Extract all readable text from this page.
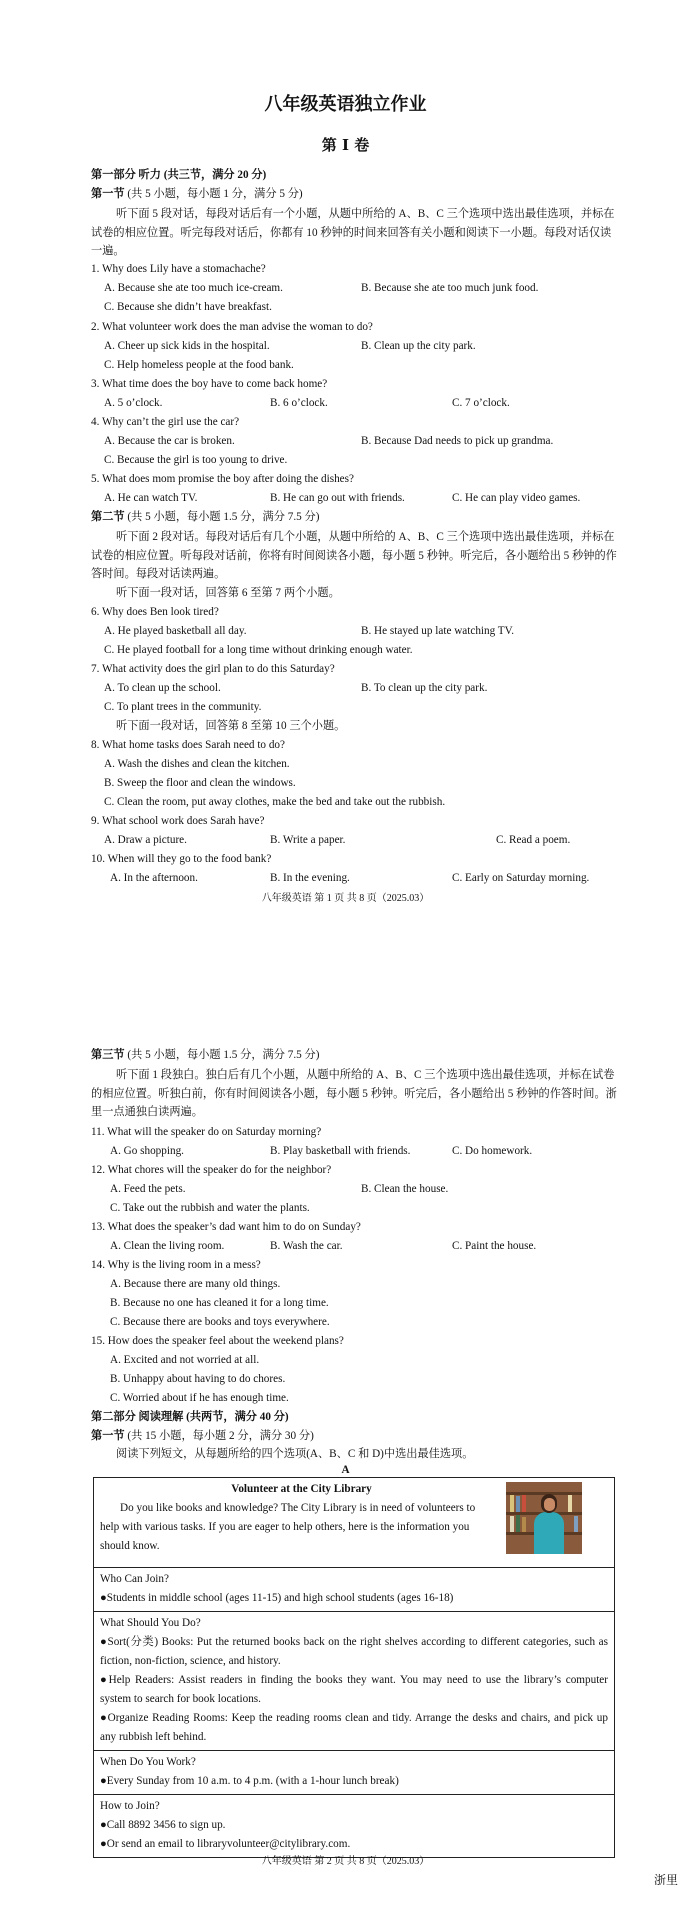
八年级英语独立作业
第 I 卷
第一部分 听力 (共三节，满分 20 分)
第一节 (共 5 小题，每小题 1 分，满分 5 分)
听下面 5 段对话，每段对话后有一个小题，从题中所给的 A、B、C 三个选项中选出最佳选项，并标在试卷的相应位置。听完每段对话后，你都有 10 秒钟的时间来回答有关小题和阅读下一小题。每段对话仅读一遍。
1. Why does Lily have a stomachache?
A. Because she ate too much ice-cream.	B. Because she ate too much junk food.
C. Because she didn’t have breakfast.
2. What volunteer work does the man advise the woman to do?
A. Cheer up sick kids in the hospital.	B. Clean up the city park.
C. Help homeless people at the food bank.
3. What time does the boy have to come back home?
A. 5 o’clock.	B. 6 o’clock.	C. 7 o’clock.
4. Why can’t the girl use the car?
A. Because the car is broken.	B. Because Dad needs to pick up grandma.
C. Because the girl is too young to drive.
5. What does mom promise the boy after doing the dishes?
A. He can watch TV.	B. He can go out with friends.	C. He can play video games.
第二节 (共 5 小题，每小题 1.5 分，满分 7.5 分)
听下面 2 段对话。每段对话后有几个小题，从题中所给的 A、B、C 三个选项中选出最佳选项，并标在试卷的相应位置。听每段对话前，你将有时间阅读各小题，每小题 5 秒钟。听完后，各小题给出 5 秒钟的作答时间。每段对话读两遍。
听下面一段对话，回答第 6 至第 7 两个小题。
6. Why does Ben look tired?
A. He played basketball all day.	B. He stayed up late watching TV.
C. He played football for a long time without drinking enough water.
7. What activity does the girl plan to do this Saturday?
A. To clean up the school.	B. To clean up the city park.
C. To plant trees in the community.
听下面一段对话，回答第 8 至第 10 三个小题。
8. What home tasks does Sarah need to do?
A. Wash the dishes and clean the kitchen.
B. Sweep the floor and clean the windows.
C. Clean the room, put away clothes, make the bed and take out the rubbish.
9. What school work does Sarah have?
A. Draw a picture.	B. Write a paper.	C. Read a poem.
10. When will they go to the food bank?
A. In the afternoon.	B. In the evening.	C. Early on Saturday morning.
八年级英语 第 1 页 共 8 页（2025.03）
第三节 (共 5 小题，每小题 1.5 分，满分 7.5 分)
听下面 1 段独白。独白后有几个小题，从题中所给的 A、B、C 三个选项中选出最佳选项，并标在试卷的相应位置。听独白前，你有时间阅读各小题，每小题 5 秒钟。听完后，各小题给出 5 秒钟的作答时间。浙里一点通独白读两遍。
11. What will the speaker do on Saturday morning?
A. Go shopping.	B. Play basketball with friends.	C. Do homework.
12. What chores will the speaker do for the neighbor?
A. Feed the pets.	B. Clean the house.
C. Take out the rubbish and water the plants.
13. What does the speaker’s dad want him to do on Sunday?
A. Clean the living room.	B. Wash the car.	C. Paint the house.
14. Why is the living room in a mess?
A. Because there are many old things.
B. Because no one has cleaned it for a long time.
C. Because there are books and toys everywhere.
15. How does the speaker feel about the weekend plans?
A. Excited and not worried at all.
B. Unhappy about having to do chores.
C. Worried about if he has enough time.
第二部分 阅读理解 (共两节，满分 40 分)
第一节 (共 15 小题，每小题 2 分，满分 30 分)
阅读下列短文，从每题所给的四个选项(A、B、C 和 D)中选出最佳选项。
A
Volunteer at the City Library
Do you like books and knowledge? The City Library is in need of volunteers to help with various tasks. If you are eager to help others, here is the information you should know.
Who Can Join?
●Students in middle school (ages 11-15) and high school students (ages 16-18)
What Should You Do?
●Sort(分类) Books: Put the returned books back on the right shelves according to different categories, such as fiction, non-fiction, science, and history.
●Help Readers: Assist readers in finding the books they want. You may need to use the library’s computer system to search for book locations.
●Organize Reading Rooms: Keep the reading rooms clean and tidy. Arrange the desks and chairs, and pick up any rubbish left behind.
When Do You Work?
●Every Sunday from 10 a.m. to 4 p.m. (with a 1-hour lunch break)
How to Join?
●Call 8892 3456 to sign up.
●Or send an email to libraryvolunteer@citylibrary.com.
八年级英语 第 2 页 共 8 页（2025.03）
浙里
